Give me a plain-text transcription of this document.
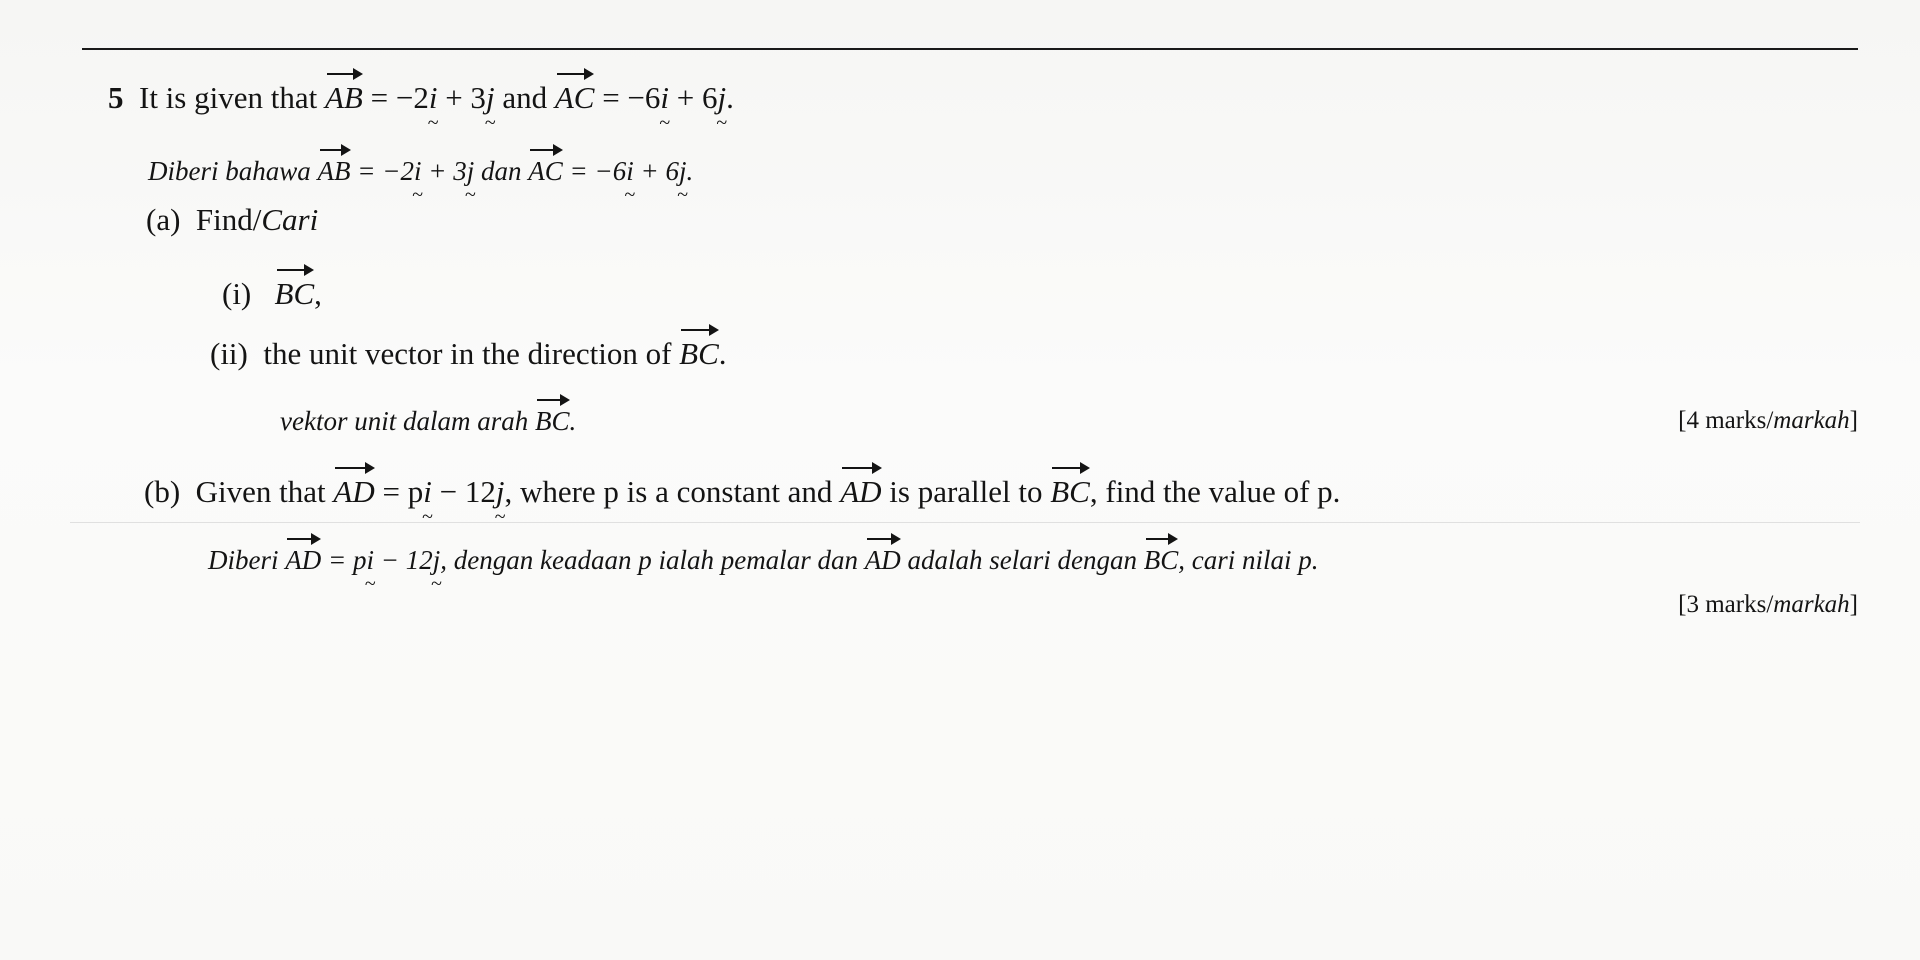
5 It is given that AB = −2i ~ + 3j ~ and AC = −6i ~ + 6j ~.
Diberi bahawa AB = −2i ~ + 3j ~ dan AC = −6i ~ + 6j ~.
(a) Find/Cari
(i) BC,
(ii) the unit vector in the direction of BC.
vektor unit dalam arah BC.	[4 marks/markah]
(b) Given that AD = pi ~ − 12j ~, where p is a constant and AD is parallel to BC, find the value of p.
Diberi AD = pi ~ − 12j ~, dengan keadaan p ialah pemalar dan AD adalah selari dengan BC, cari nilai p.
[3 marks/markah]
